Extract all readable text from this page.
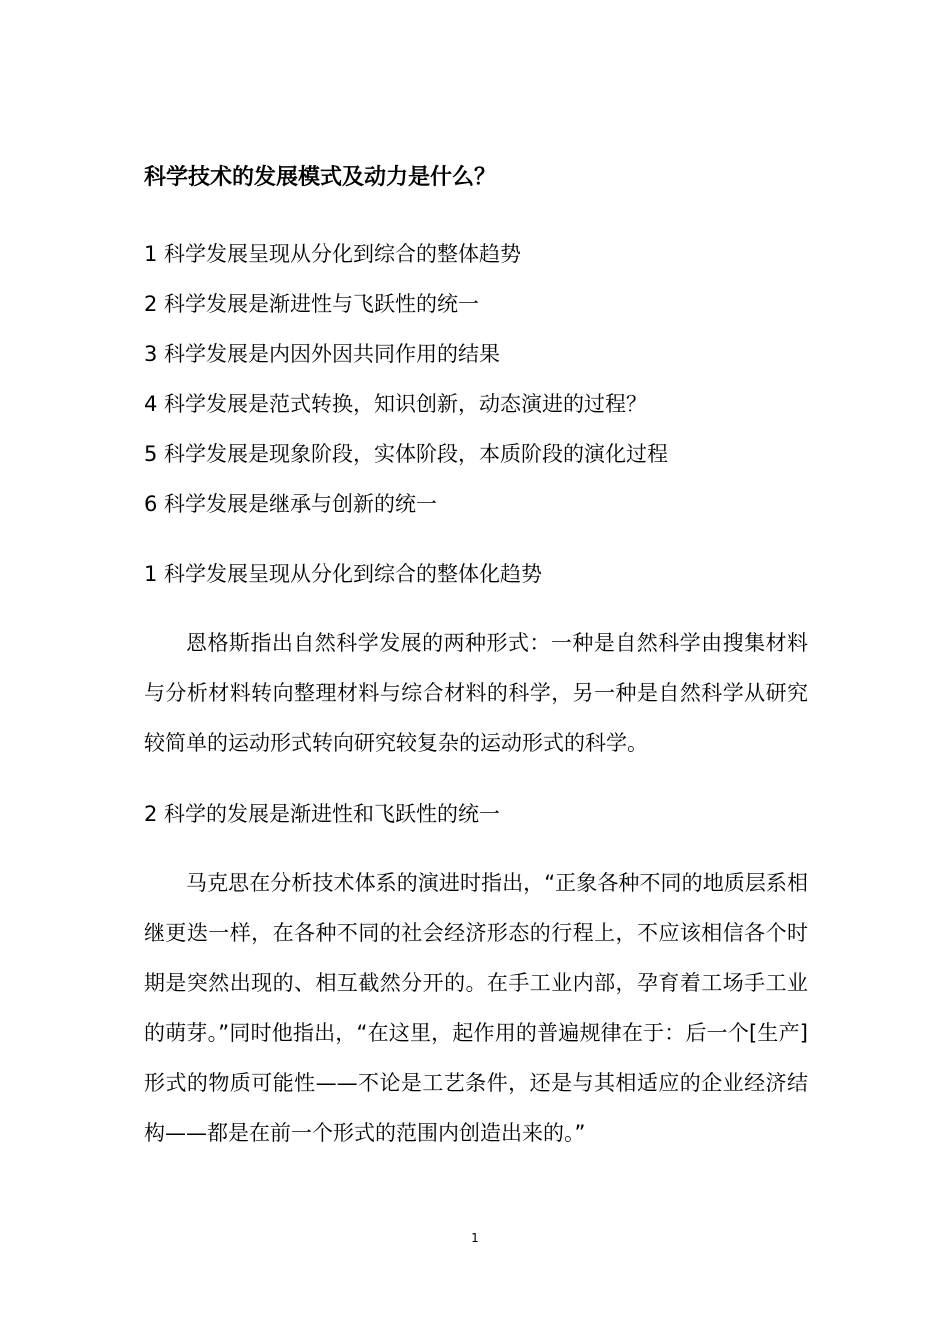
科学技术的发展模式及动力是什么？
1 科学发展呈现从分化到综合的整体趋势
2 科学发展是渐进性与飞跃性的统一
3 科学发展是内因外因共同作用的结果
4 科学发展是范式转换，知识创新，动态演进的过程？
5 科学发展是现象阶段，实体阶段，本质阶段的演化过程
6 科学发展是继承与创新的统一
1 科学发展呈现从分化到综合的整体化趋势

恩格斯指出自然科学发展的两种形式：一种是自然科学由搜集材料与分析材料转向整理材料与综合材料的科学，另一种是自然科学从研究较简单的运动形式转向研究较复杂的运动形式的科学。

2 科学的发展是渐进性和飞跃性的统一

马克思在分析技术体系的演进时指出，“正象各种不同的地质层系相继更迭一样，在各种不同的社会经济形态的行程上，不应该相信各个时期是突然出现的、相互截然分开的。在手工业内部，孕育着工场手工业的萌芽。”同时他指出，“在这里，起作用的普遍规律在于：后一个[生产]形式的物质可能性——不论是工艺条件，还是与其相适应的企业经济结构——都是在前一个形式的范围内创造出来的。”

1
